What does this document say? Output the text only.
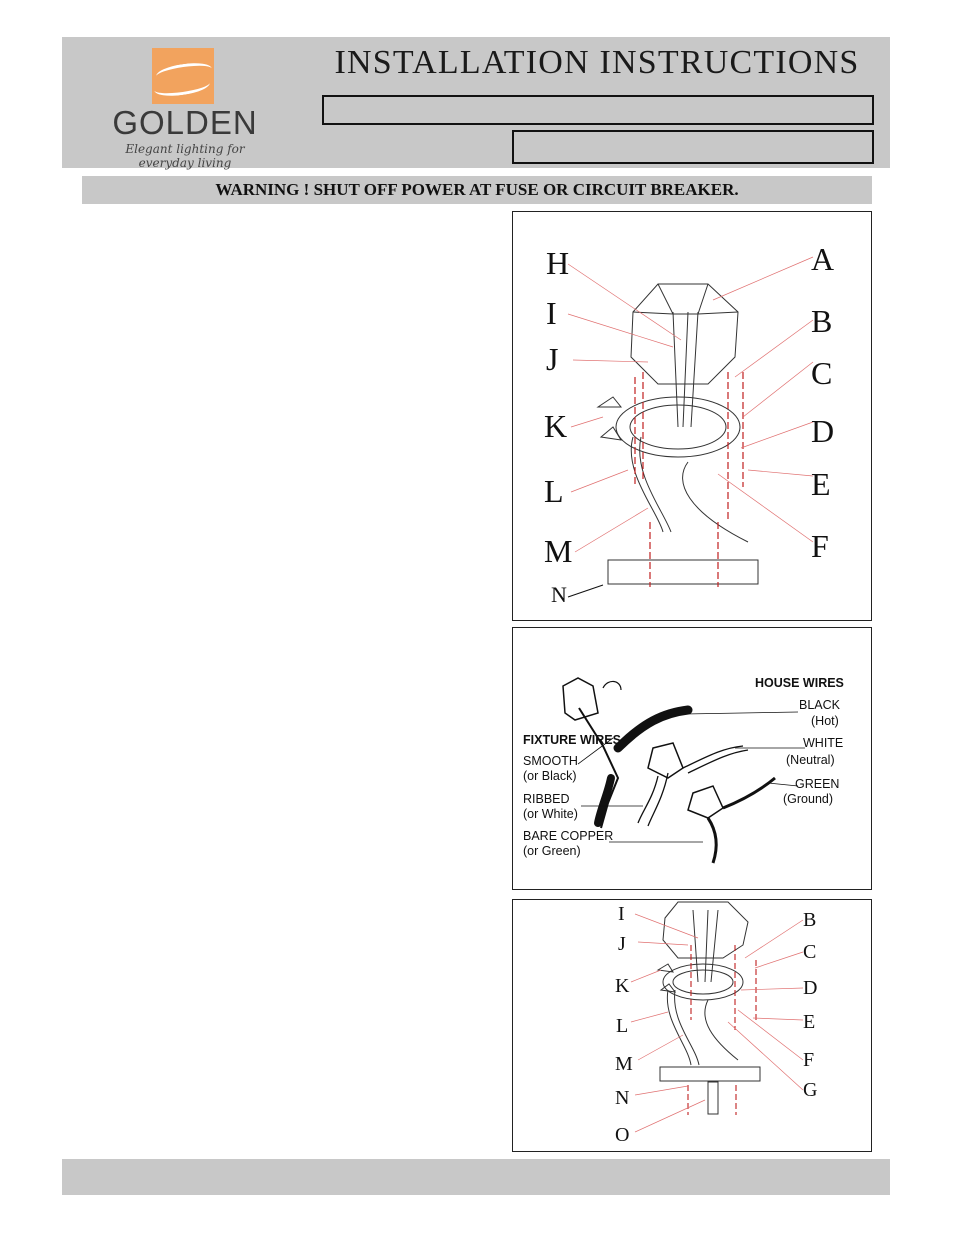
GOLDEN
Elegant lighting for everyday living
INSTALLATION INSTRUCTIONS
WARNING ! SHUT OFF POWER AT FUSE OR CIRCUIT BREAKER.
H
I
J
K
L
M
N
A
B
C
D
E
F
HOUSE WIRES
BLACK
(Hot)
WHITE
(Neutral)
GREEN
(Ground)
FIXTURE WIRES
SMOOTH
(or Black)
RIBBED
(or White)
BARE COPPER
(or Green)
I
J
K
L
M
N
O
B
C
D
E
F
G
